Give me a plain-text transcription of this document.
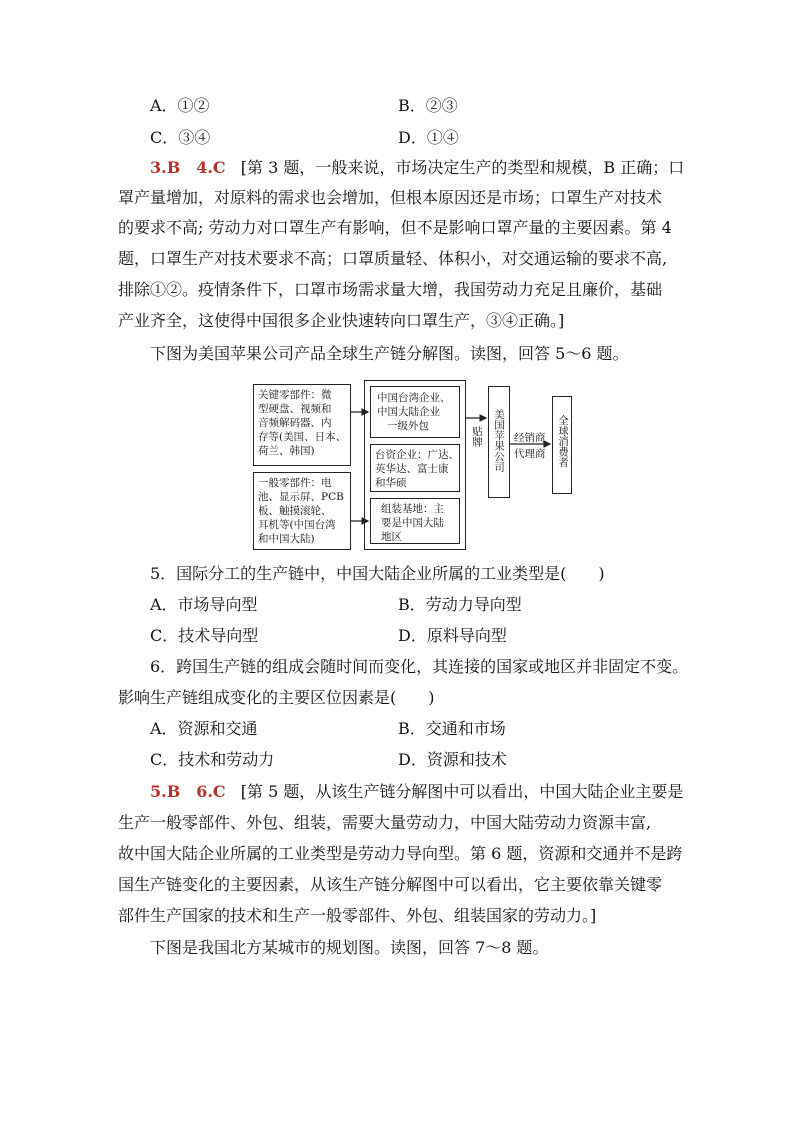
A．①②	B．②③
C．③④	D．①④
3.B　4.C [第 3 题，一般来说，市场决定生产的类型和规模，B 正确；口
罩产量增加，对原料的需求也会增加，但根本原因还是市场；口罩生产对技术
的要求不高; 劳动力对口罩生产有影响，但不是影响口罩产量的主要因素。第 4
题，口罩生产对技术要求不高；口罩质量轻、体积小，对交通运输的要求不高,
排除①②。疫情条件下，口罩市场需求量大增，我国劳动力充足且廉价，基础
产业齐全，这使得中国很多企业快速转向口罩生产，③④正确。]
下图为美国苹果公司产品全球生产链分解图。读图，回答 5～6 题。
关键零部件：微
型硬盘、视频和
音频解码器、内
存等(美国、日本、
荷兰、韩国)
一般零部件：电
池、显示屏、PCB
板、触摸滚轮、
耳机等(中国台湾
和中国大陆)
中国台湾企业、
中国大陆企业
一级外包
台资企业：广达、
英华达、富士康
和华硕
组装基地：主
要是中国大陆
地区
贴牌 美国苹果公司 经销商
代理商 全球消费者
5．国际分工的生产链中，中国大陆企业所属的工业类型是(　　)
A．市场导向型	B．劳动力导向型
C．技术导向型	D．原料导向型
6．跨国生产链的组成会随时间而变化，其连接的国家或地区并非固定不变。
影响生产链组成变化的主要区位因素是(　　)
A．资源和交通	B．交通和市场
C．技术和劳动力	D．资源和技术
5.B　6.C [第 5 题，从该生产链分解图中可以看出，中国大陆企业主要是
生产一般零部件、外包、组装，需要大量劳动力，中国大陆劳动力资源丰富,
故中国大陆企业所属的工业类型是劳动力导向型。第 6 题，资源和交通并不是跨
国生产链变化的主要因素，从该生产链分解图中可以看出，它主要依靠关键零
部件生产国家的技术和生产一般零部件、外包、组装国家的劳动力。]
下图是我国北方某城市的规划图。读图，回答 7～8 题。
